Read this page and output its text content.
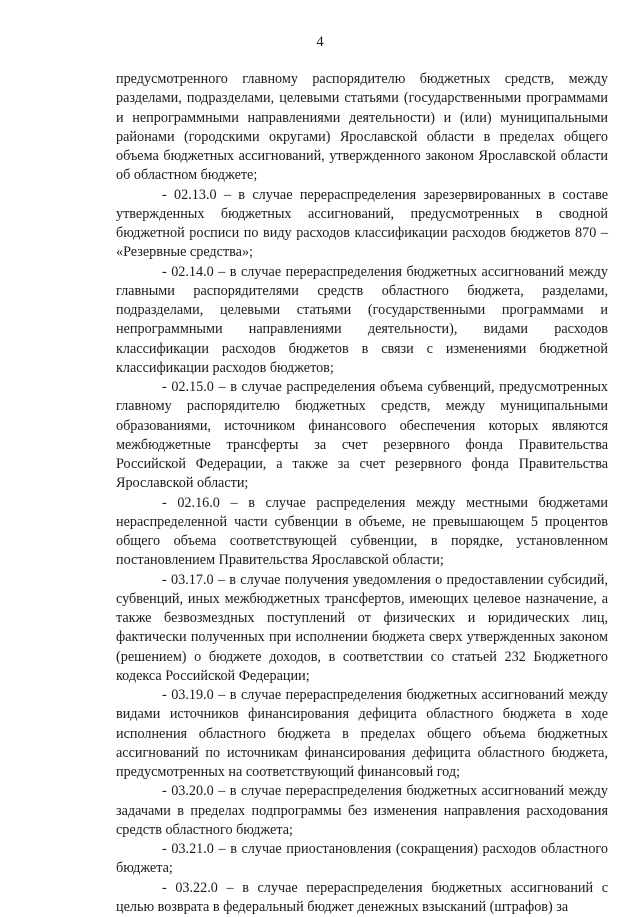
4

предусмотренного главному распорядителю бюджетных средств, между разделами, подразделами, целевыми статьями (государственными программами и непрограммными направлениями деятельности) и (или) муниципальными районами (городскими округами) Ярославской области в пределах общего объема бюджетных ассигнований, утвержденного законом Ярославской области об областном бюджете;

- 02.13.0 – в случае перераспределения зарезервированных в составе утвержденных бюджетных ассигнований, предусмотренных в сводной бюджетной росписи по виду расходов классификации расходов бюджетов 870 – «Резервные средства»;

- 02.14.0 – в случае перераспределения бюджетных ассигнований между главными распорядителями средств областного бюджета, разделами, подразделами, целевыми статьями (государственными программами и непрограммными направлениями деятельности), видами расходов классификации расходов бюджетов в связи с изменениями бюджетной классификации расходов бюджетов;

- 02.15.0 – в случае распределения объема субвенций, предусмотренных главному распорядителю бюджетных средств, между муниципальными образованиями, источником финансового обеспечения которых являются межбюджетные трансферты за счет резервного фонда Правительства Российской Федерации, а также за счет резервного фонда Правительства Ярославской области;

- 02.16.0 – в случае распределения между местными бюджетами нераспределенной части субвенции в объеме, не превышающем 5 процентов общего объема соответствующей субвенции, в порядке, установленном постановлением Правительства Ярославской области;

- 03.17.0 – в случае получения уведомления о предоставлении субсидий, субвенций, иных межбюджетных трансфертов, имеющих целевое назначение, а также безвозмездных поступлений от физических и юридических лиц, фактически полученных при исполнении бюджета сверх утвержденных законом (решением) о бюджете доходов, в соответствии со статьей 232 Бюджетного кодекса Российской Федерации;

- 03.19.0 – в случае перераспределения бюджетных ассигнований между видами источников финансирования дефицита областного бюджета в ходе исполнения областного бюджета в пределах общего объема бюджетных ассигнований по источникам финансирования дефицита областного бюджета, предусмотренных на соответствующий финансовый год;

- 03.20.0 – в случае перераспределения бюджетных ассигнований между задачами в пределах подпрограммы без изменения направления расходования средств областного бюджета;

- 03.21.0 – в случае приостановления (сокращения) расходов областного бюджета;

- 03.22.0 – в случае перераспределения бюджетных ассигнований с целью возврата в федеральный бюджет денежных взысканий (штрафов) за
